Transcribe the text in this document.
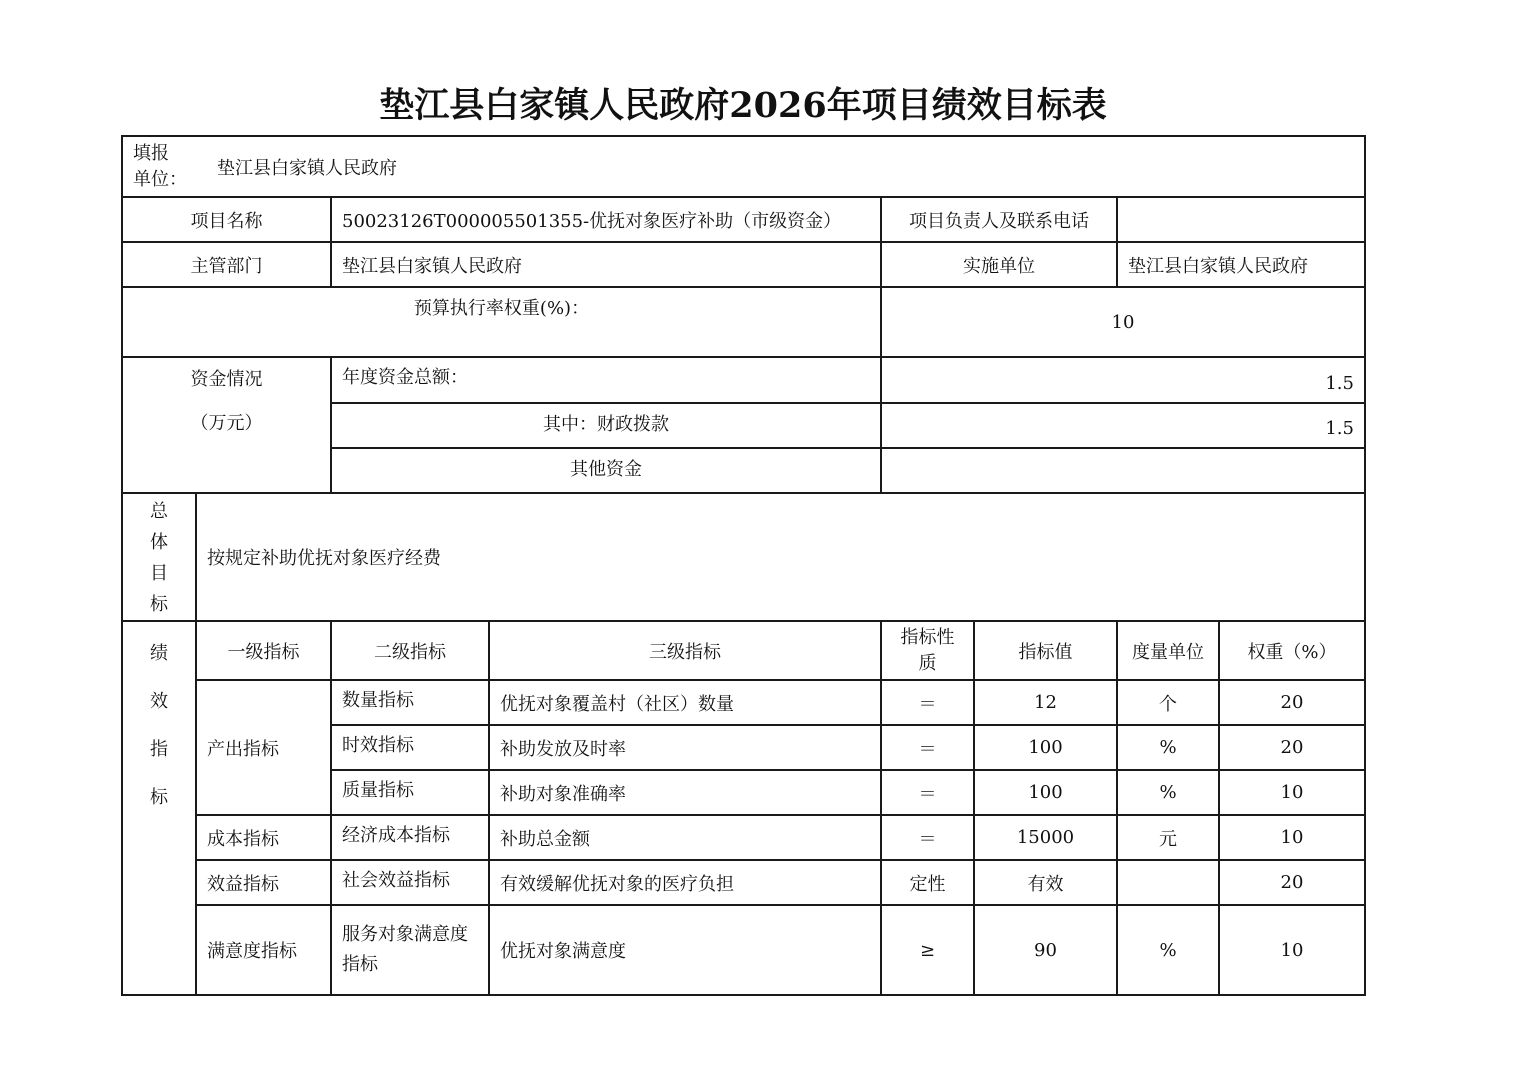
垫江县白家镇人民政府2026年项目绩效目标表
填报
单位：
垫江县白家镇人民政府							

项目名称		50023126T000005501355-优抚对象医疗补助（市级资金）		项目负责人及联系电话			
主管部门		垫江县白家镇人民政府		实施单位		垫江县白家镇人民政府	
预算执行率权重(%)：				10			

资金情况
（万元）		年度资金总额：		1.5			
		其中：财政拨款		1.5			
		其他资金					

总
体
目
标	按规定补助优抚对象医疗经费						

绩
效
指
标	一级指标	二级指标	三级指标	指标性质	指标值	度量单位	权重（%）
	产出指标	数量指标	优抚对象覆盖村（社区）数量	＝	12	个	20
		时效指标	补助发放及时率	＝	100	%	20
		质量指标	补助对象准确率	＝	100	%	10
	成本指标	经济成本指标	补助总金额	＝	15000	元	10
	效益指标	社会效益指标	有效缓解优抚对象的医疗负担	定性	有效		20
	满意度指标	服务对象满意度指标	优抚对象满意度	≥	90	%	10
